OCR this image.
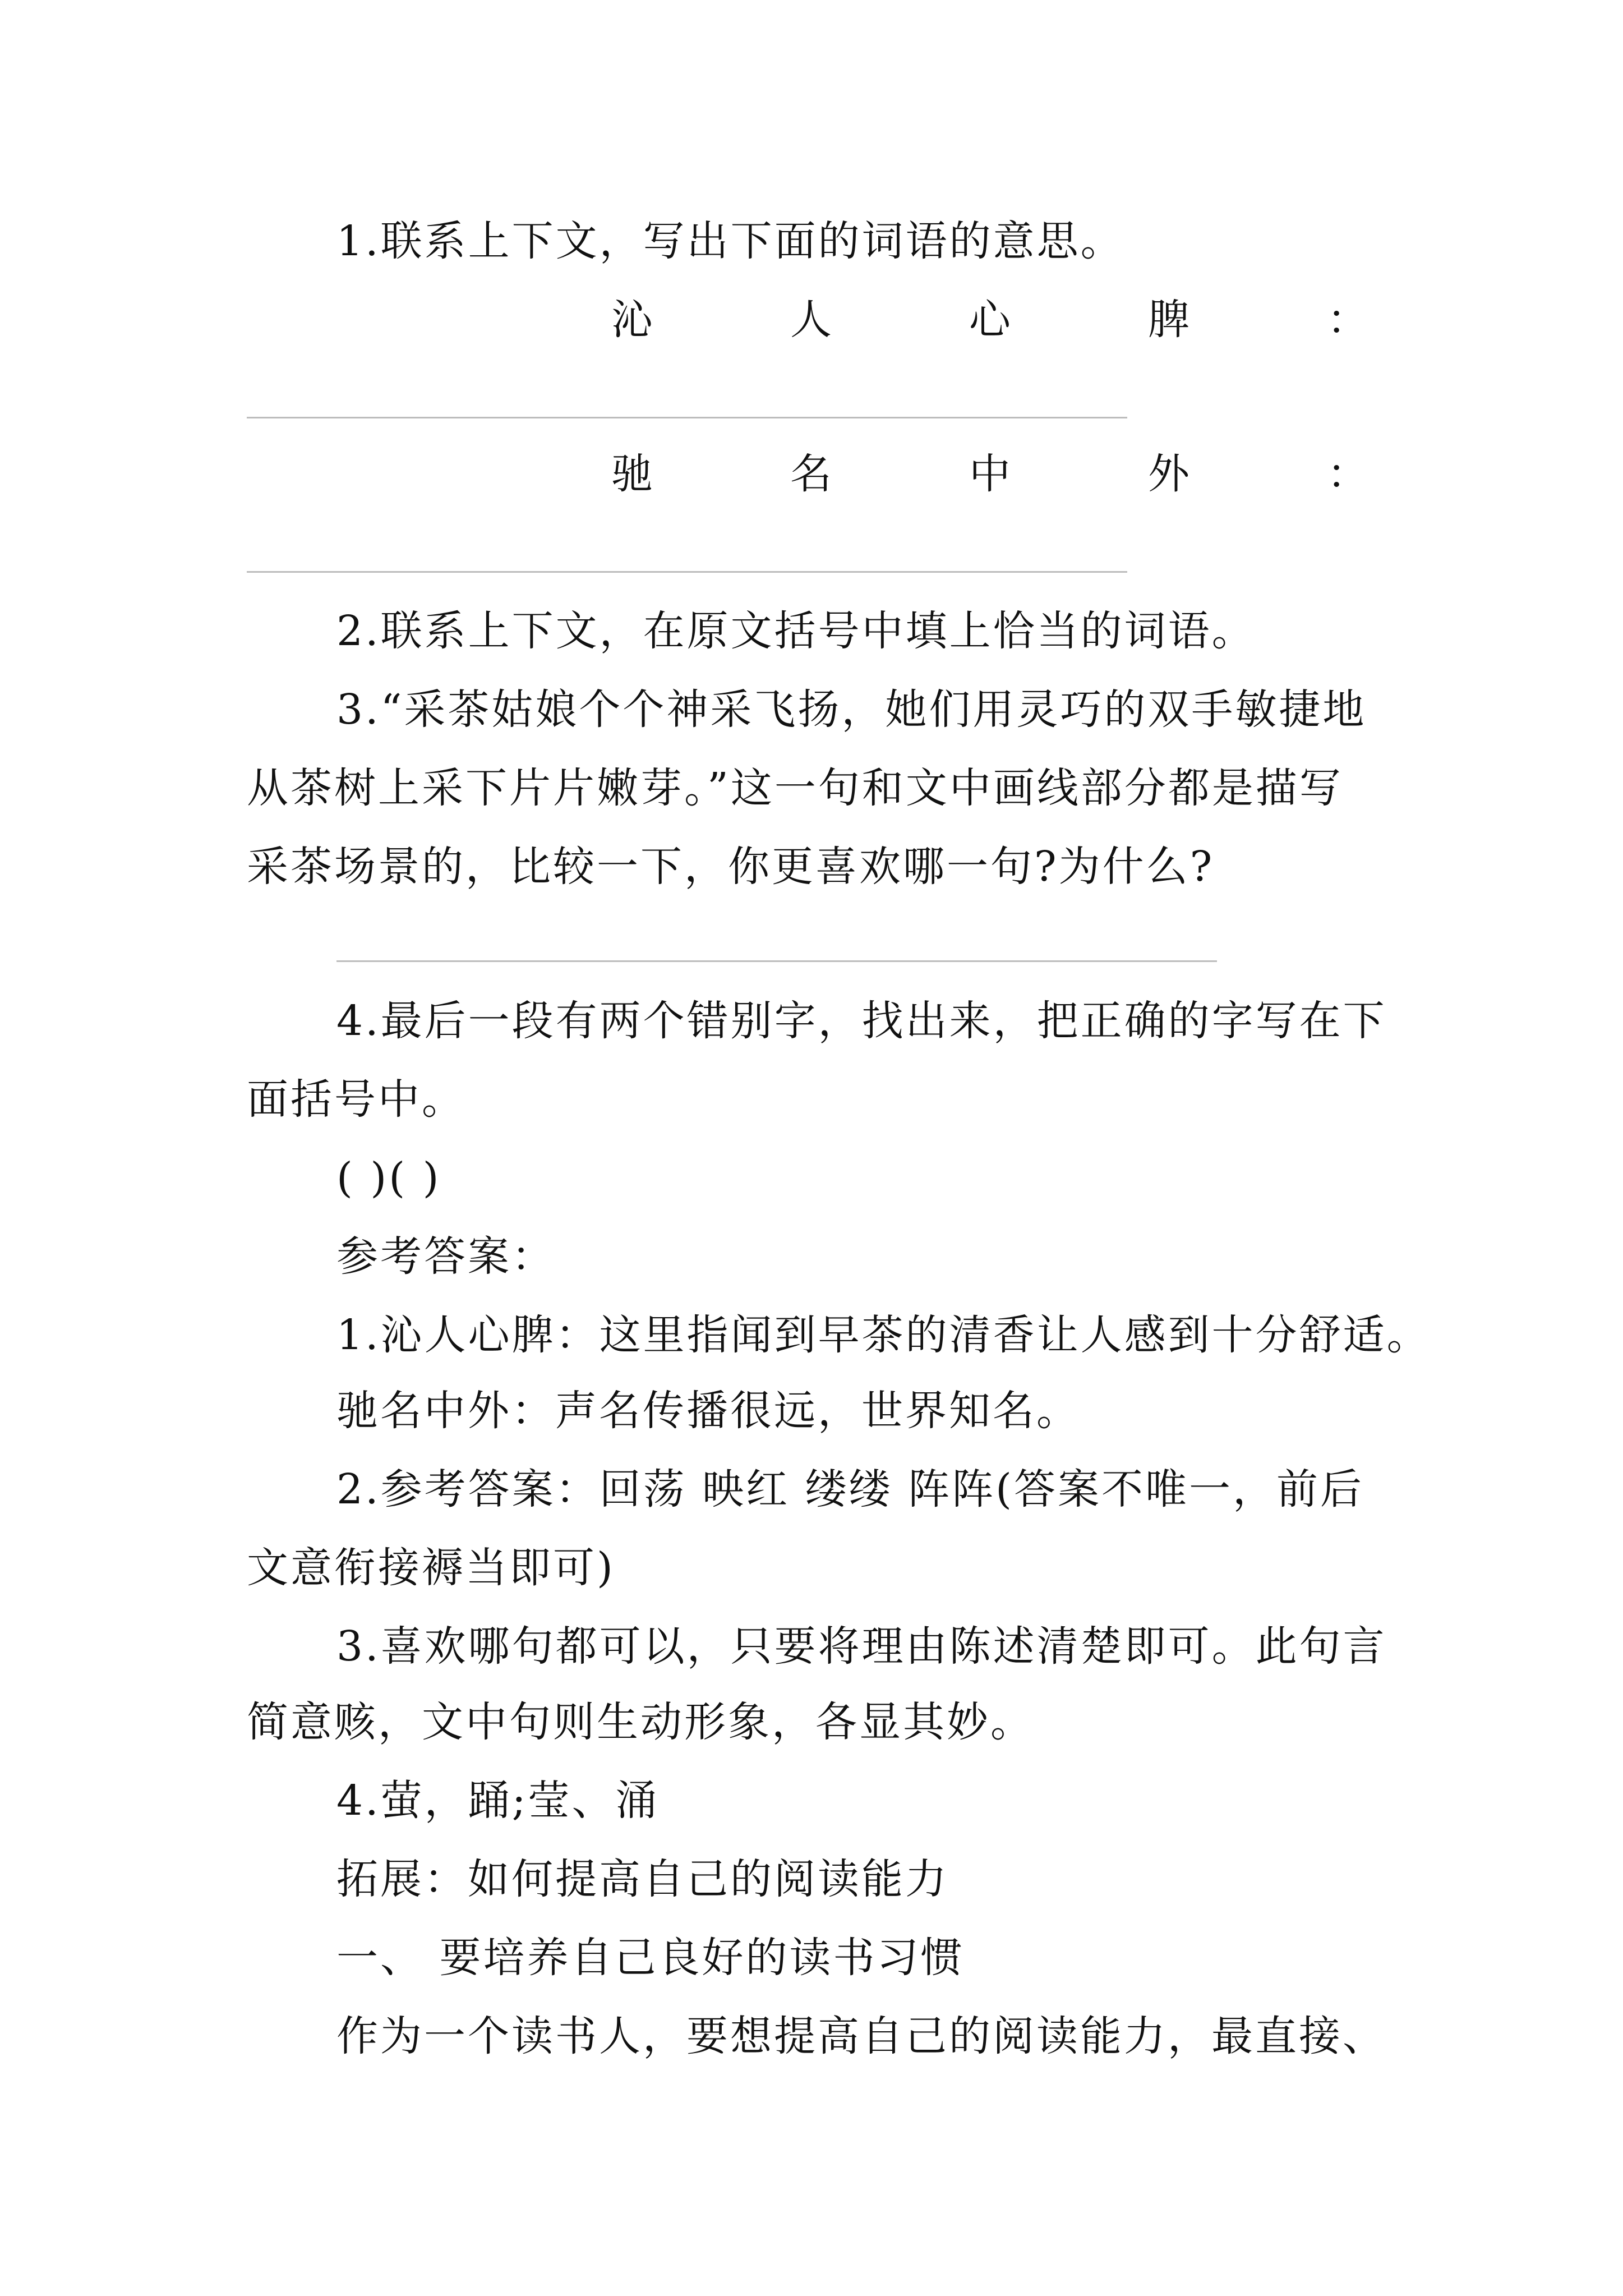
1.联系上下文，写出下面的词语的意思。
沁	人	心	脾	：
驰	名	中	外	：
2.联系上下文，在原文括号中填上恰当的词语。
3.“采茶姑娘个个神采飞扬，她们用灵巧的双手敏捷地
从茶树上采下片片嫩芽。”这一句和文中画线部分都是描写
采茶场景的，比较一下，你更喜欢哪一句?为什么?
4.最后一段有两个错别字，找出来，把正确的字写在下
面括号中。
( )( )
参考答案：
1.沁人心脾：这里指闻到早茶的清香让人感到十分舒适。
驰名中外：声名传播很远，世界知名。
2.参考答案：回荡 映红 缕缕 阵阵(答案不唯一，前后
文意衔接褥当即可)
3.喜欢哪句都可以，只要将理由陈述清楚即可。此句言
简意赅，文中句则生动形象，各显其妙。
4.萤，踊;莹、涌
拓展：如何提高自己的阅读能力
一、 要培养自己良好的读书习惯
作为一个读书人，要想提高自己的阅读能力，最直接、
